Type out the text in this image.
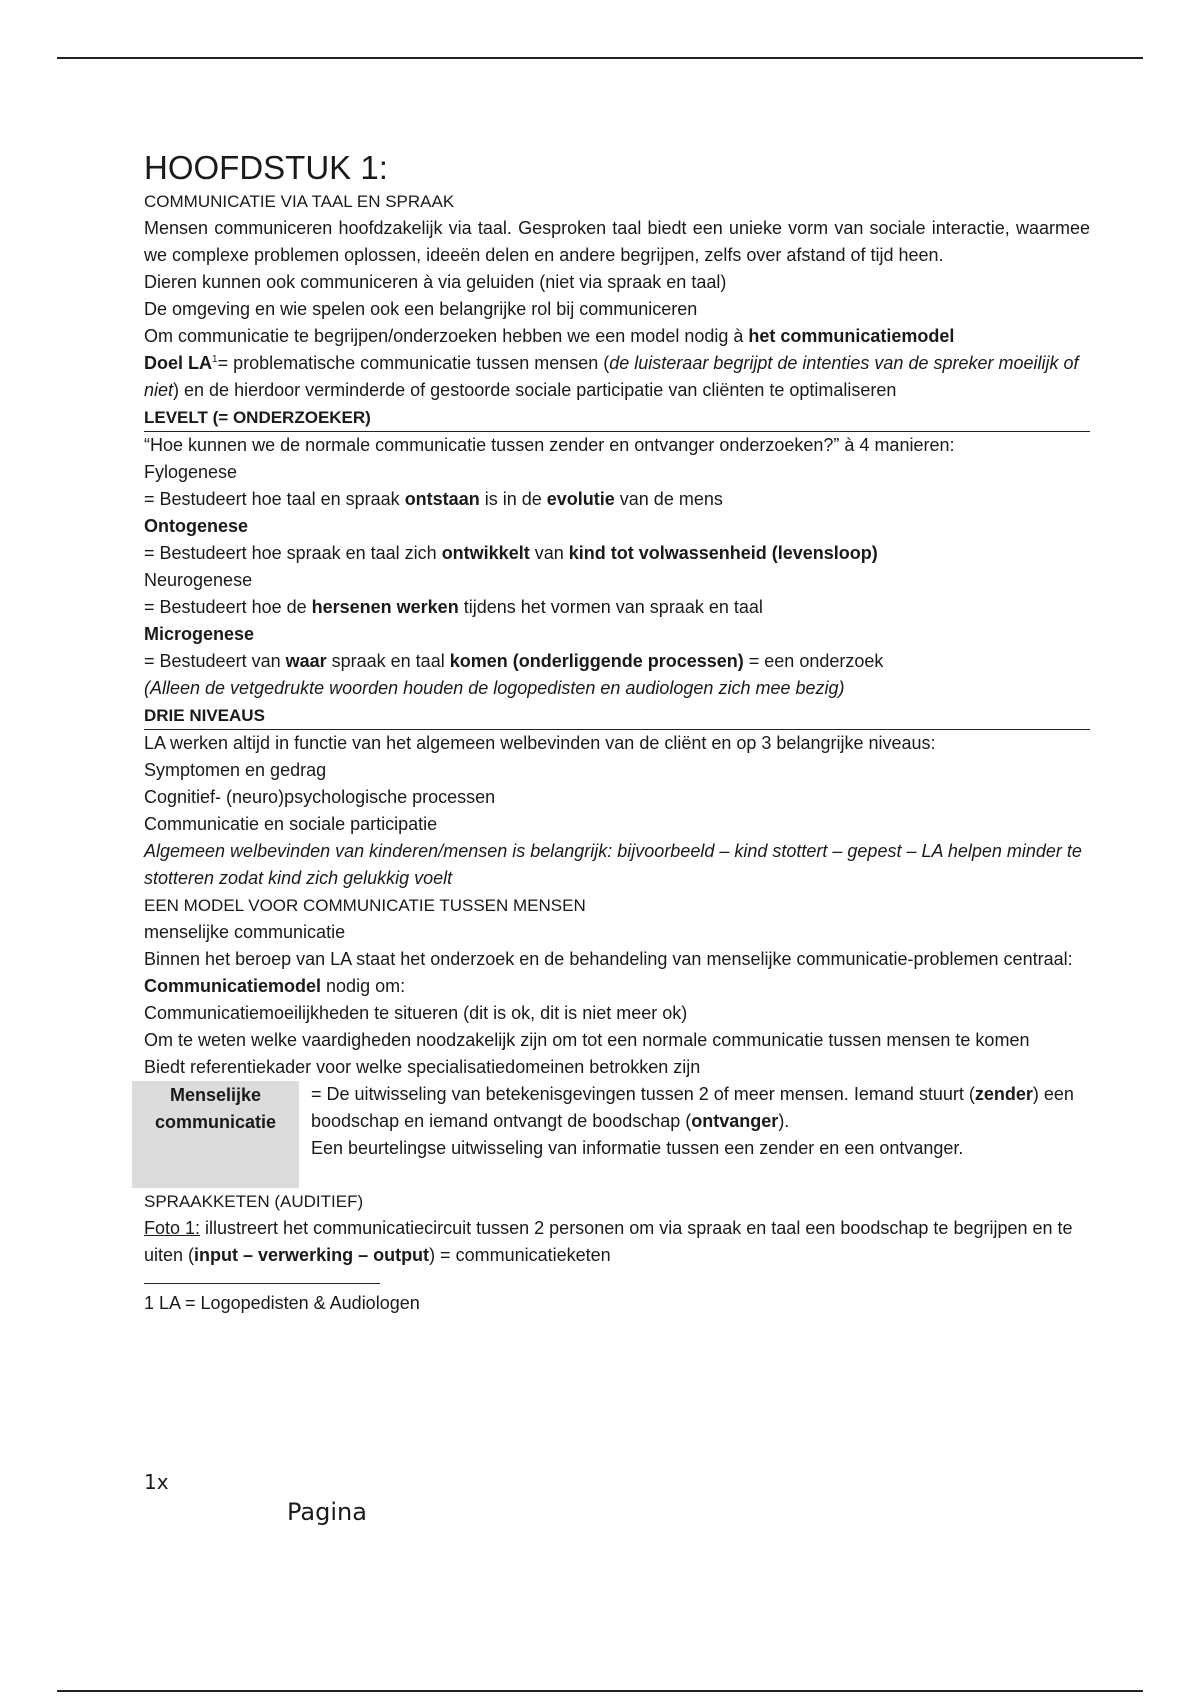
HOOFDSTUK 1:
COMMUNICATIE VIA TAAL EN SPRAAK
Mensen communiceren hoofdzakelijk via taal. Gesproken taal biedt een unieke vorm van sociale interactie, waarmee we complexe problemen oplossen, ideeën delen en andere begrijpen, zelfs over afstand of tijd heen.
Dieren kunnen ook communiceren à via geluiden (niet via spraak en taal)
De omgeving en wie spelen ook een belangrijke rol bij communiceren
Om communicatie te begrijpen/onderzoeken hebben we een model nodig à het communicatiemodel
Doel $LA^1=$ problematische communicatie tussen mensen (de luisteraar begrijpt de intenties van de spreker moeilijk of niet) en de hierdoor verminderde of gestoorde sociale participatie van cliënten te optimaliseren
LEVELT (= ONDERZOEKER)
“Hoe kunnen we de normale communicatie tussen zender en ontvanger onderzoeken?” à 4 manieren:
Fylogenese
= Bestudeert hoe taal en spraak ontstaan is in de evolutie van de mens
Ontogenese
= Bestudeert hoe spraak en taal zich ontwikkelt van kind tot volwassenheid (levensloop)
Neurogenese
= Bestudeert hoe de hersenen werken tijdens het vormen van spraak en taal
Microgenese
= Bestudeert van waar spraak en taal komen (onderliggende processen) = een onderzoek
(Alleen de vetgedrukte woorden houden de logopedisten en audiologen zich mee bezig)
DRIE NIVEAUS
LA werken altijd in functie van het algemeen welbevinden van de cliënt en op 3 belangrijke niveaus:
Symptomen en gedrag
Cognitief- (neuro)psychologische processen
Communicatie en sociale participatie
Algemeen welbevinden van kinderen/mensen is belangrijk: bijvoorbeeld – kind stottert – gepest – LA helpen minder te stotteren zodat kind zich gelukkig voelt
EEN MODEL VOOR COMMUNICATIE TUSSEN MENSEN
menselijke communicatie
Binnen het beroep van LA staat het onderzoek en de behandeling van menselijke communicatie-problemen centraal:
Communicatiemodel nodig om:
Communicatiemoeilijkheden te situeren (dit is ok, dit is niet meer ok)
Om te weten welke vaardigheden noodzakelijk zijn om tot een normale communicatie tussen mensen te komen
Biedt referentiekader voor welke specialisatiedomeinen betrokken zijn
Menselijke
communicatie
= De uitwisseling van betekenisgevingen tussen 2 of meer mensen. Iemand stuurt (zender) een boodschap en iemand ontvangt de boodschap (ontvanger).
Een beurtelingse uitwisseling van informatie tussen een zender en een ontvanger.
SPRAAKKETEN (AUDITIEF)
Foto 1: illustreert het communicatiecircuit tussen 2 personen om via spraak en taal een boodschap te begrijpen en te uiten (input – verwerking – output) = communicatieketen
1 LA = Logopedisten & Audiologen
1x
Pagina
